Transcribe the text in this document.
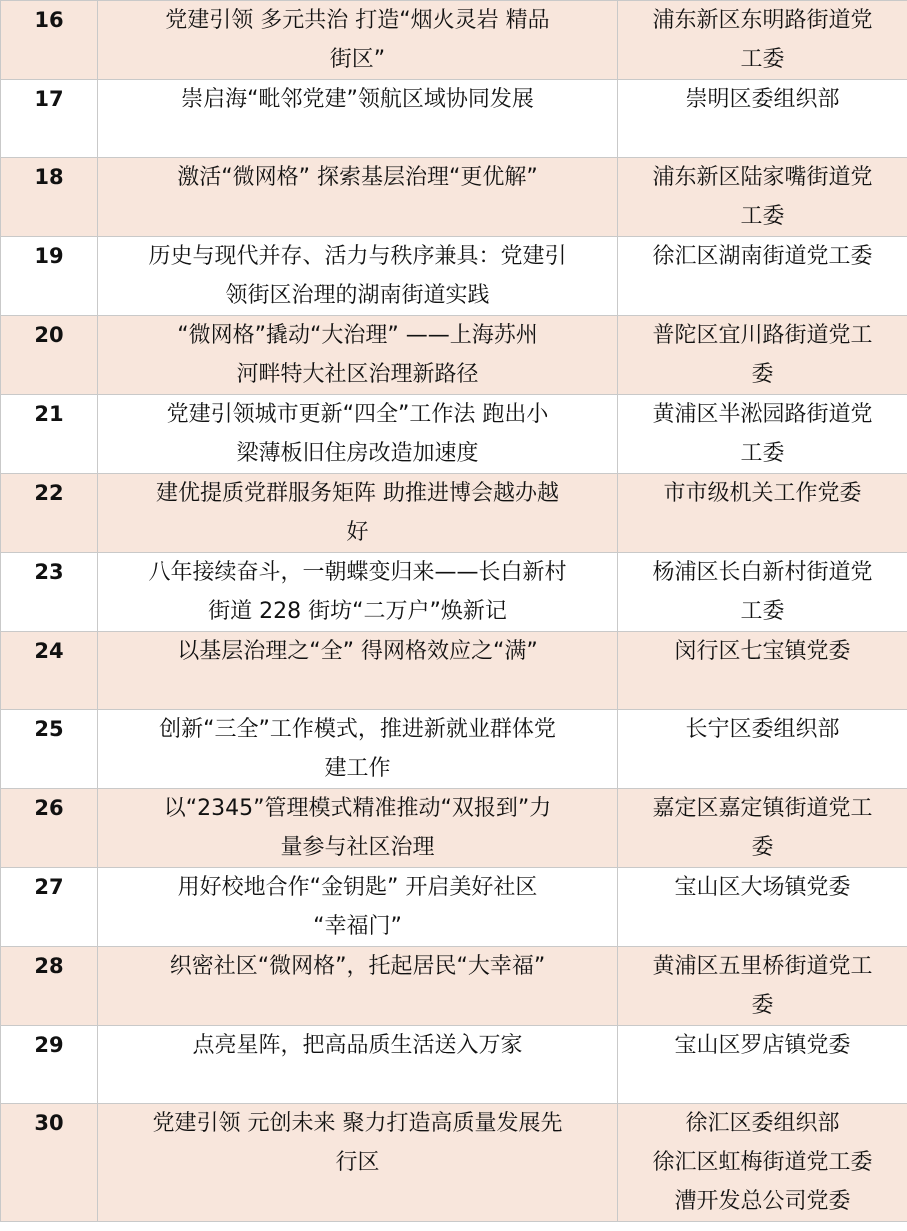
16	党建引领 多元共治 打造“烟火灵岩 精品
街区”	浦东新区东明路街道党
工委

17	崇启海“毗邻党建”领航区域协同发展	崇明区委组织部

18	激活“微网格” 探索基层治理“更优解”	浦东新区陆家嘴街道党
工委

19	历史与现代并存、活力与秩序兼具：党建引
领街区治理的湖南街道实践	徐汇区湖南街道党工委

20	“微网格”撬动“大治理” ——上海苏州
河畔特大社区治理新路径	普陀区宜川路街道党工
委

21	党建引领城市更新“四全”工作法 跑出小
梁薄板旧住房改造加速度	黄浦区半淞园路街道党
工委

22	建优提质党群服务矩阵 助推进博会越办越
好	市市级机关工作党委

23	八年接续奋斗，一朝蝶变归来——长白新村
街道 228 街坊“二万户”焕新记	杨浦区长白新村街道党
工委

24	以基层治理之“全” 得网格效应之“满”	闵行区七宝镇党委

25	创新“三全”工作模式，推进新就业群体党
建工作	长宁区委组织部

26	以“2345”管理模式精准推动“双报到”力
量参与社区治理	嘉定区嘉定镇街道党工
委

27	用好校地合作“金钥匙” 开启美好社区
“幸福门”	宝山区大场镇党委

28	织密社区“微网格”，托起居民“大幸福”	黄浦区五里桥街道党工
委

29	点亮星阵，把高品质生活送入万家	宝山区罗店镇党委

30	党建引领 元创未来 聚力打造高质量发展先
行区	徐汇区委组织部
徐汇区虹梅街道党工委
漕开发总公司党委
